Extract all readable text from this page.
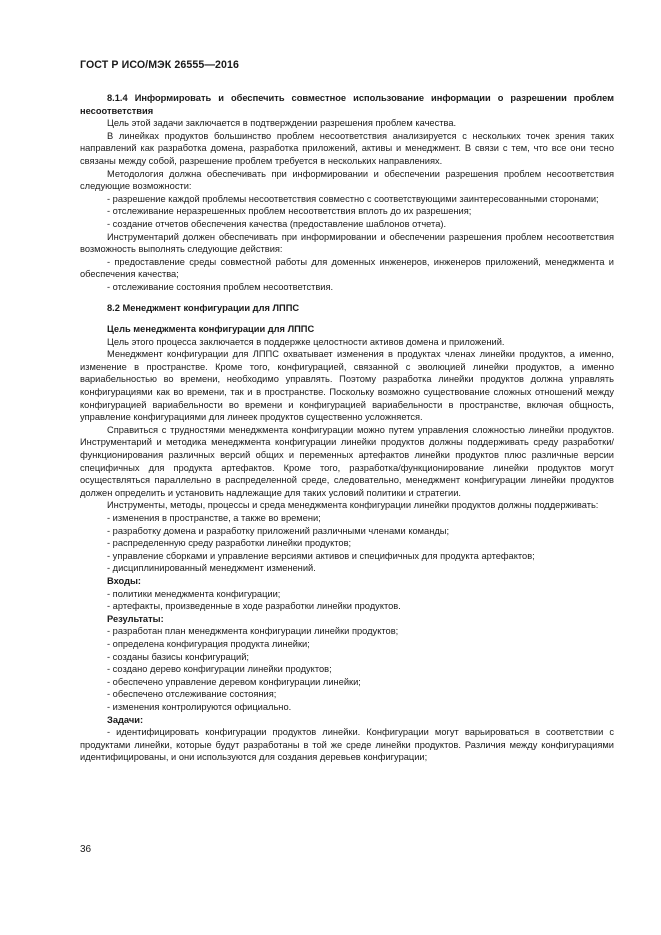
ГОСТ Р ИСО/МЭК 26555—2016

8.1.4 Информировать и обеспечить совместное использование информации о разрешении проблем несоответствия

Цель этой задачи заключается в подтверждении разрешения проблем качества.

В линейках продуктов большинство проблем несоответствия анализируется с нескольких точек зрения таких направлений как разработка домена, разработка приложений, активы и менеджмент. В связи с тем, что все они тесно связаны между собой, разрешение проблем требуется в нескольких направлениях.

Методология должна обеспечивать при информировании и обеспечении разрешения проблем несоответствия следующие возможности:

- разрешение каждой проблемы несоответствия совместно с соответствующими заинтересованными сторонами;

- отслеживание неразрешенных проблем несоответствия вплоть до их разрешения;

- создание отчетов обеспечения качества (предоставление шаблонов отчета).

Инструментарий должен обеспечивать при информировании и обеспечении разрешения проблем несоответствия возможность выполнять следующие действия:

- предоставление среды совместной работы для доменных инженеров, инженеров приложений, менеджмента и обеспечения качества;

- отслеживание состояния проблем несоответствия.

8.2 Менеджмент конфигурации для ЛППС

Цель менеджмента конфигурации для ЛППС

Цель этого процесса заключается в поддержке целостности активов домена и приложений.

Менеджмент конфигурации для ЛППС охватывает изменения в продуктах членах линейки продуктов, а именно, изменение в пространстве. Кроме того, конфигурацией, связанной с эволюцией линейки продуктов, а именно вариабельностью во времени, необходимо управлять. Поэтому разработка линейки продуктов должна управлять конфигурациями как во времени, так и в пространстве. Поскольку возможно существование сложных отношений между конфигурацией вариабельности во времени и конфигурацией вариабельности в пространстве, включая общность, управление конфигурациями для линеек продуктов существенно усложняется.

Справиться с трудностями менеджмента конфигурации можно путем управления сложностью линейки продуктов. Инструментарий и методика менеджмента конфигурации линейки продуктов должны поддерживать среду разработки/ функционирования различных версий общих и переменных артефактов линейки продуктов плюс различные версии специфичных для продукта артефактов. Кроме того, разработка/функционирование линейки продуктов могут осуществляться параллельно в распределенной среде, следовательно, менеджмент конфигурации линейки продуктов должен определить и установить надлежащие для таких условий политики и стратегии.

Инструменты, методы, процессы и среда менеджмента конфигурации линейки продуктов должны поддерживать:

- изменения в пространстве, а также во времени;

- разработку домена и разработку приложений различными членами команды;

- распределенную среду разработки линейки продуктов;

- управление сборками и управление версиями активов и специфичных для продукта артефактов;

- дисциплинированный менеджмент изменений.

Входы:

- политики менеджмента конфигурации;

- артефакты, произведенные в ходе разработки линейки продуктов.

Результаты:

- разработан план менеджмента конфигурации линейки продуктов;

- определена конфигурация продукта линейки;

- созданы базисы конфигураций;

- создано дерево конфигурации линейки продуктов;

- обеспечено управление деревом конфигурации линейки;

- обеспечено отслеживание состояния;

- изменения контролируются официально.

Задачи:

- идентифицировать конфигурации продуктов линейки. Конфигурации могут варьироваться в соответствии с продуктами линейки, которые будут разработаны в той же среде линейки продуктов. Различия между конфигурациями идентифицированы, и они используются для создания деревьев конфигурации;

36
